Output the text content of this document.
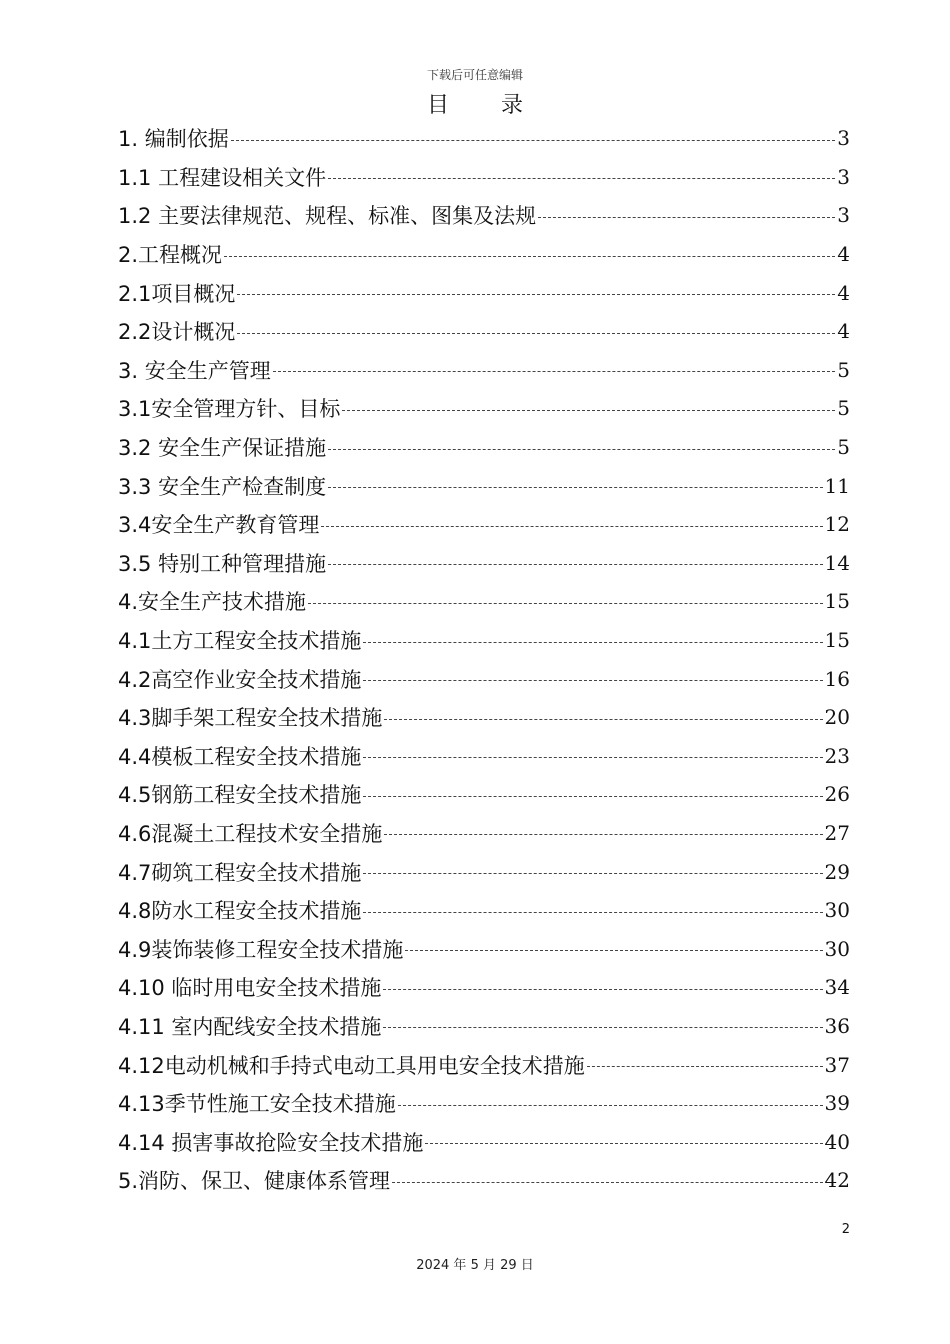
下载后可任意编辑
目 录
1. 编制依据	3
1.1 工程建设相关文件	3
1.2 主要法律规范、规程、标准、图集及法规	3
2.工程概况	4
2.1项目概况	4
2.2设计概况	4
3. 安全生产管理	5
3.1安全管理方针、目标	5
3.2 安全生产保证措施	5
3.3 安全生产检查制度	11
3.4安全生产教育管理	12
3.5 特别工种管理措施	14
4.安全生产技术措施	15
4.1土方工程安全技术措施	15
4.2高空作业安全技术措施	16
4.3脚手架工程安全技术措施	20
4.4模板工程安全技术措施	23
4.5钢筋工程安全技术措施	26
4.6混凝土工程技术安全措施	27
4.7砌筑工程安全技术措施	29
4.8防水工程安全技术措施	30
4.9装饰装修工程安全技术措施	30
4.10 临时用电安全技术措施	34
4.11 室内配线安全技术措施	36
4.12电动机械和手持式电动工具用电安全技术措施	37
4.13季节性施工安全技术措施	39
4.14 损害事故抢险安全技术措施	40
5.消防、保卫、健康体系管理	42
2
2024 年 5 月 29 日
